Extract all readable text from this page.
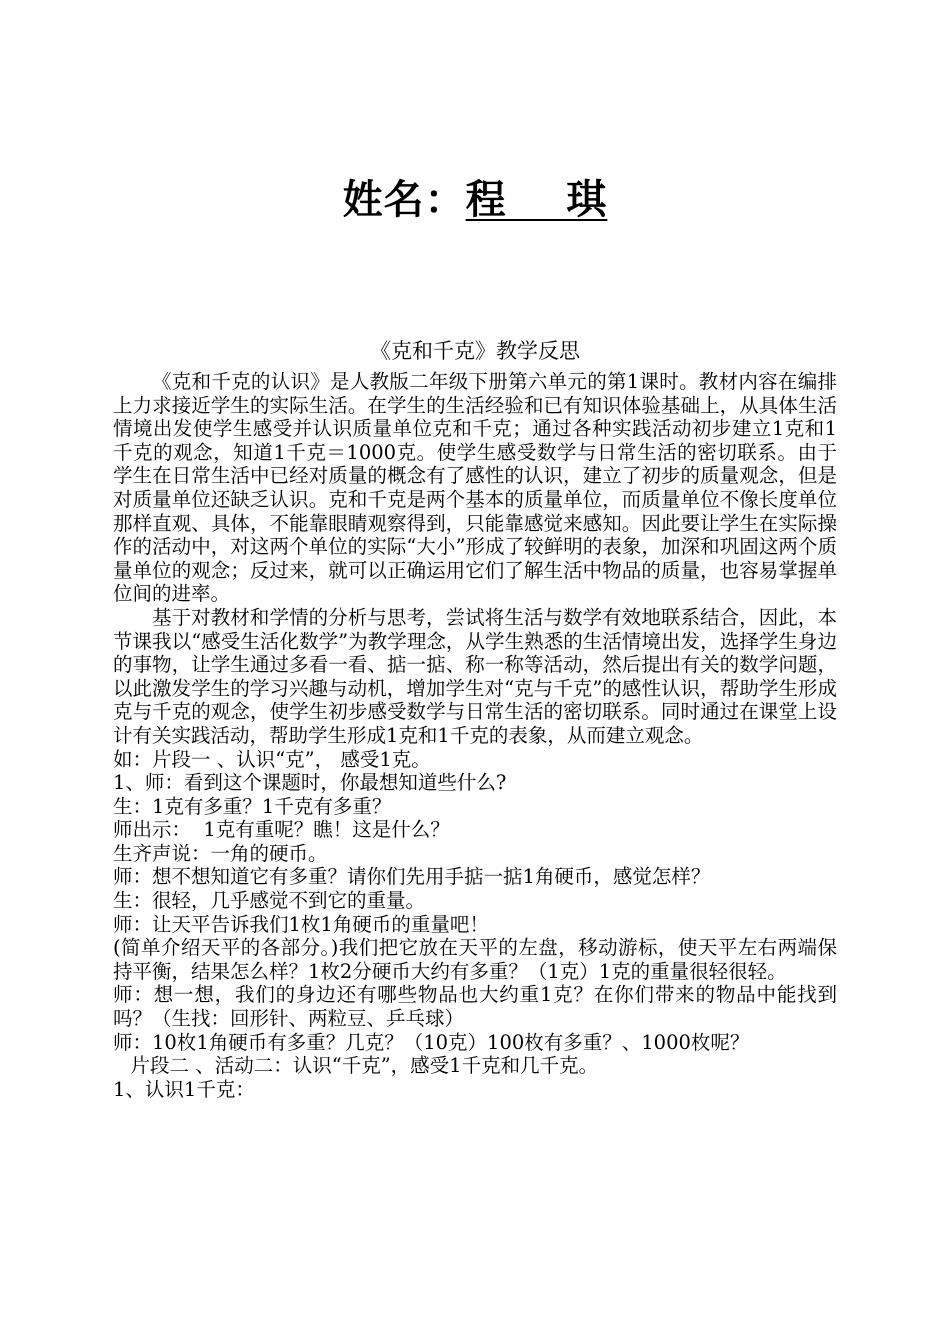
姓名：程    琪
《克和千克》教学反思

《克和千克的认识》是人教版二年级下册第六单元的第1课时。教材内容在编排上力求接近学生的实际生活。在学生的生活经验和已有知识体验基础上，从具体生活情境出发使学生感受并认识质量单位克和千克；通过各种实践活动初步建立1克和1千克的观念，知道1千克＝1000克。使学生感受数学与日常生活的密切联系。由于学生在日常生活中已经对质量的概念有了感性的认识，建立了初步的质量观念，但是对质量单位还缺乏认识。克和千克是两个基本的质量单位，而质量单位不像长度单位那样直观、具体，不能靠眼睛观察得到，只能靠感觉来感知。因此要让学生在实际操作的活动中，对这两个单位的实际“大小”形成了较鲜明的表象，加深和巩固这两个质量单位的观念；反过来，就可以正确运用它们了解生活中物品的质量，也容易掌握单位间的进率。

基于对教材和学情的分析与思考，尝试将生活与数学有效地联系结合，因此，本节课我以“感受生活化数学”为教学理念，从学生熟悉的生活情境出发，选择学生身边的事物，让学生通过多看一看、掂一掂、称一称等活动，然后提出有关的数学问题，以此激发学生的学习兴趣与动机，增加学生对“克与千克”的感性认识，帮助学生形成克与千克的观念，使学生初步感受数学与日常生活的密切联系。同时通过在课堂上设计有关实践活动，帮助学生形成1克和1千克的表象，从而建立观念。

如：片段一 、认识“克”， 感受1克。

1、师：看到这个课题时，你最想知道些什么?

生：1克有多重？1千克有多重？

师出示：  1克有重呢？瞧！这是什么？

生齐声说：一角的硬币。

师：想不想知道它有多重？请你们先用手掂一掂1角硬币，感觉怎样？

生：很轻，几乎感觉不到它的重量。

师：让天平告诉我们1枚1角硬币的重量吧！

(简单介绍天平的各部分。)我们把它放在天平的左盘，移动游标，使天平左右两端保持平衡，结果怎么样？1枚2分硬币大约有多重？（1克）1克的重量很轻很轻。

师：想一想，我们的身边还有哪些物品也大约重1克？在你们带来的物品中能找到吗？（生找：回形针、两粒豆、乒乓球）

师：10枚1角硬币有多重？几克？（10克）100枚有多重？、1000枚呢？

片段二 、活动二：认识“千克”，感受1千克和几千克。

1、认识1千克：
